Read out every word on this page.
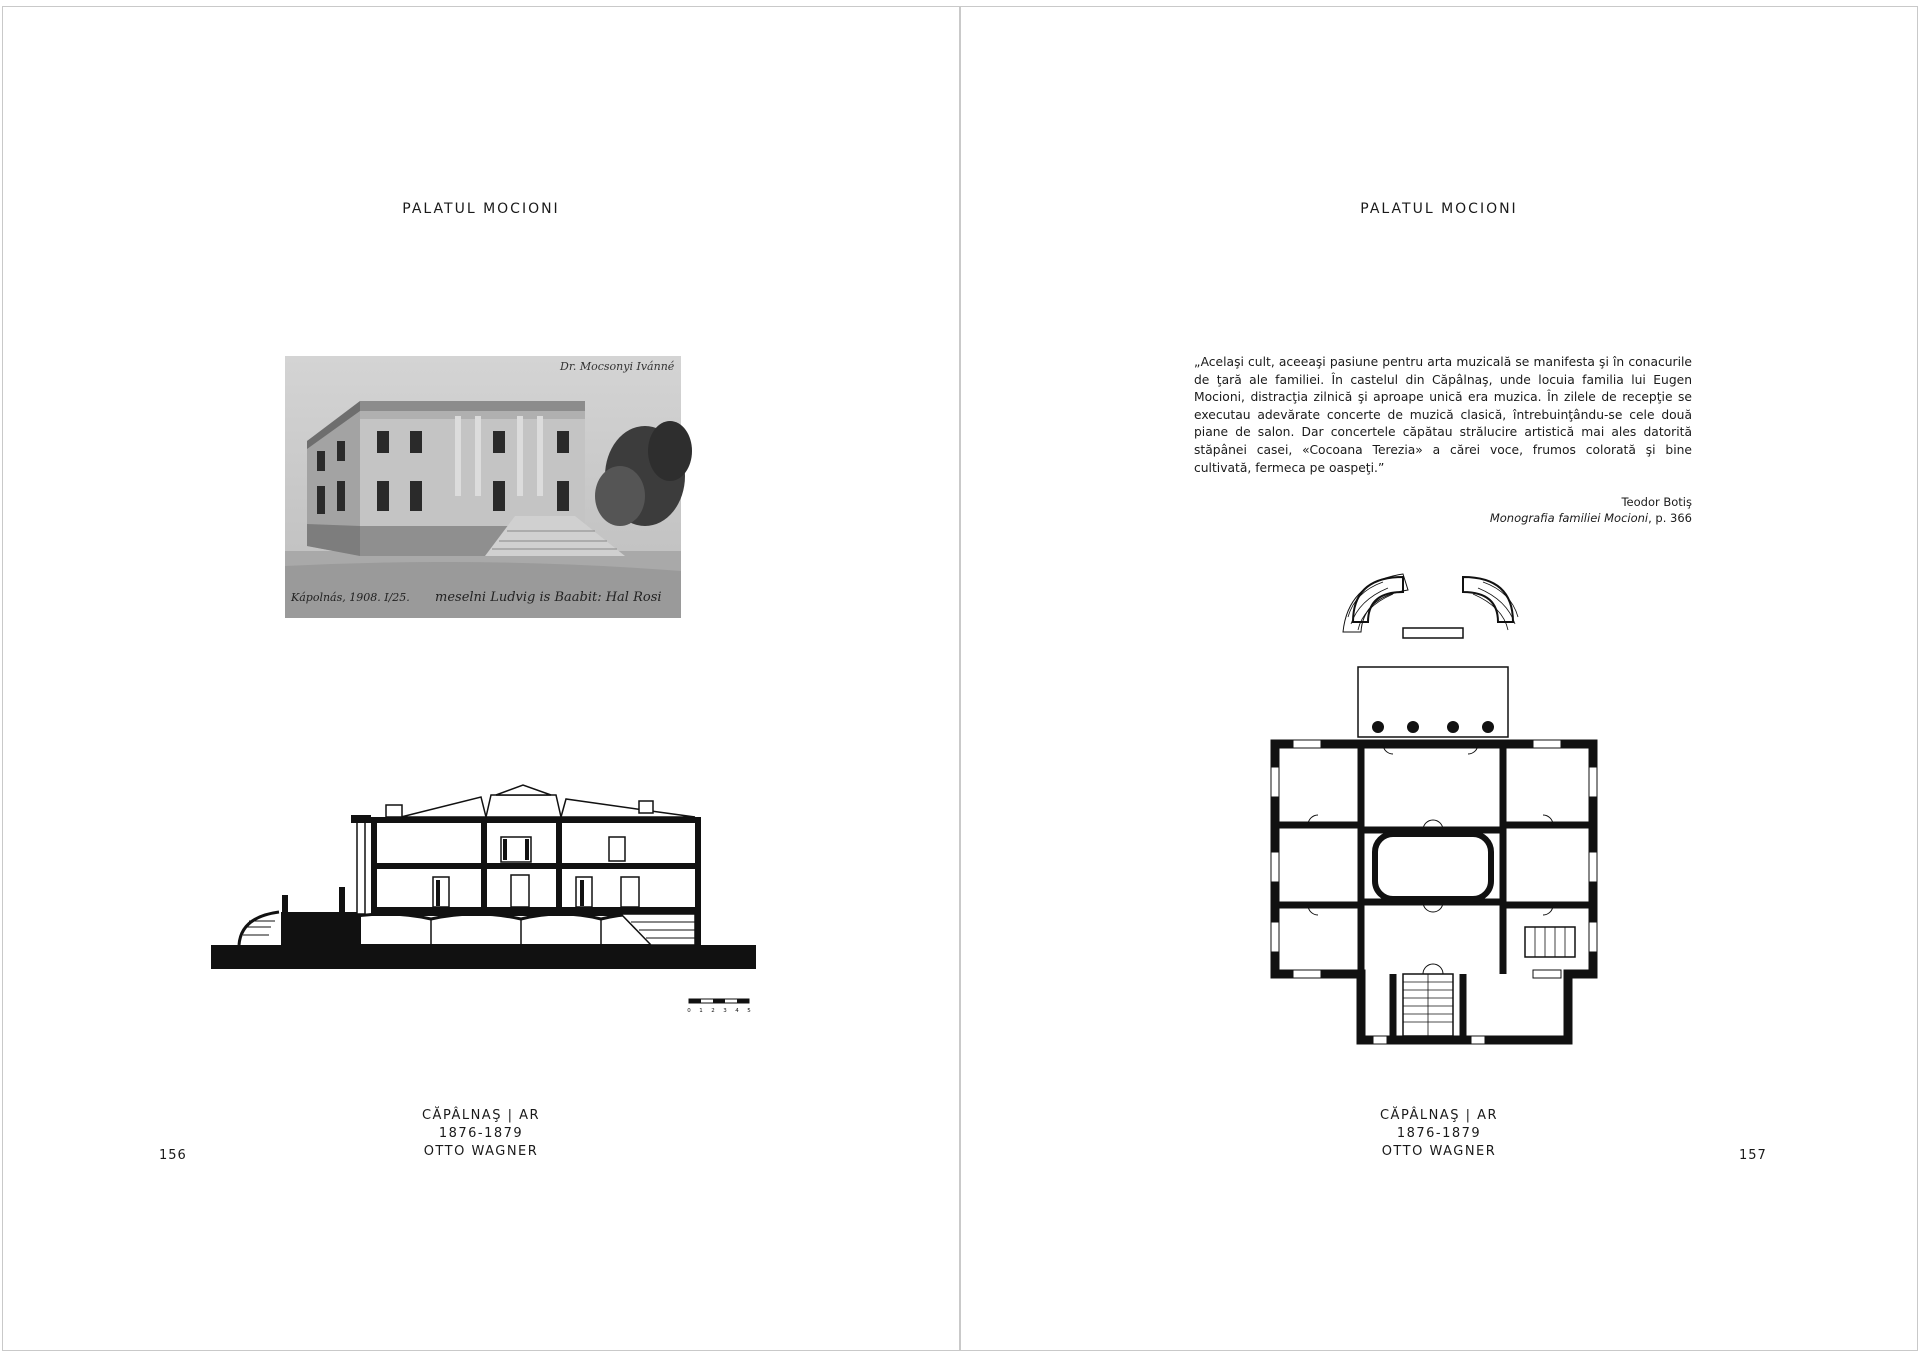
PALATUL MOCIONI
Dr. Mocsonyi Ivánné
Kápolnás, 1908. I/25. meselni Ludvig is Baabit: Hal Rosi
0 1 2 3 4 5
CĂPÂLNAŞ | AR
1876-1879
OTTO WAGNER
156
PALATUL MOCIONI
„Acelaşi cult, aceeaşi pasiune pentru arta muzicală se manifesta şi în conacurile de ţară ale familiei. În castelul din Căpâlnaş, unde locuia familia lui Eugen Mocioni, distracţia zilnică şi aproape unică era muzica. În zilele de recepţie se executau adevărate concerte de muzică clasică, întrebuinţându-se cele două piane de salon. Dar concertele căpătau strălucire artistică mai ales datorită stăpânei casei, «Cocoana Terezia» a cărei voce, frumos colorată şi bine cultivată, fermeca pe oaspeţi.”
Teodor Botiş
Monografia familiei Mocioni, p. 366
CĂPÂLNAŞ | AR
1876-1879
OTTO WAGNER	157
